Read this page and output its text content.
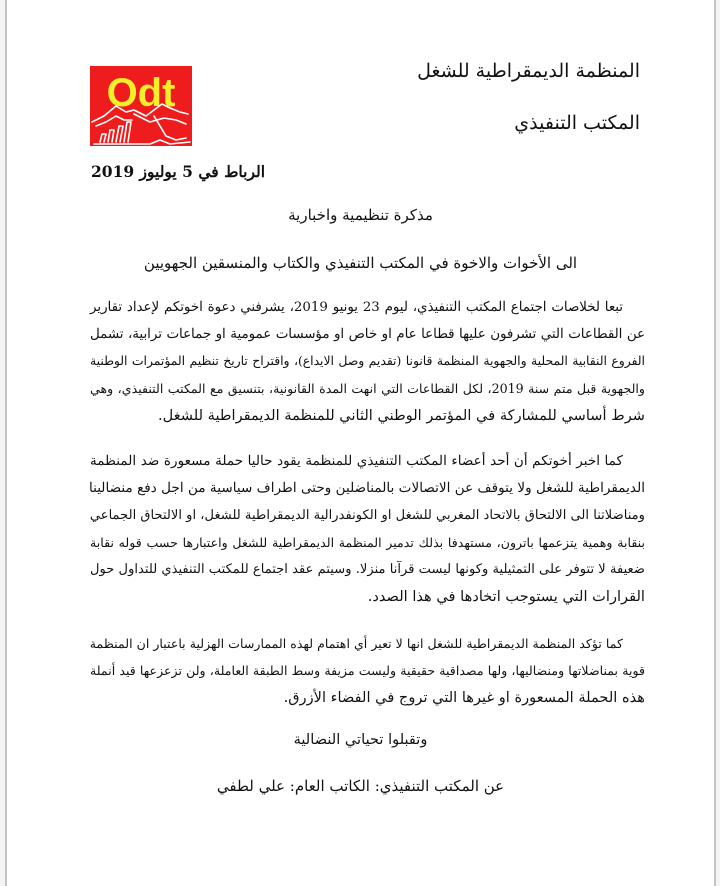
Odt	المنظمة الديمقراطية للشغل
المكتب التنفيذي
الرباط في 5 يوليوز 2019
مذكرة تنظيمية واخبارية
الى الأخوات والاخوة في المكتب التنفيذي والكتاب والمنسقين الجهويين
تبعا لخلاصات اجتماع المكتب التنفيذي، ليوم 23 يونيو 2019، يشرفني دعوة اخوتكم لإعداد تقارير
عن القطاعات التي تشرفون عليها قطاعا عام او خاص او مؤسسات عمومية او جماعات ترابية، تشمل
الفروع النقابية المحلية والجهوية المنظمة قانونا (تقديم وصل الايداع)، واقتراح تاريخ تنظيم المؤتمرات الوطنية
والجهوية قبل متم سنة 2019، لكل القطاعات التي انهت المدة القانونية، بتنسيق مع المكتب التنفيذي، وهي
شرط أساسي للمشاركة في المؤتمر الوطني الثاني للمنظمة الديمقراطية للشغل.
كما اخبر أخوتكم أن أحد أعضاء المكتب التنفيذي للمنظمة يقود حاليا حملة مسعورة ضد المنظمة
الديمقراطية للشغل ولا يتوقف عن الاتصالات بالمناضلين وحتى اطراف سياسية من اجل دفع منضالينا
ومناضلاتنا الى الالتحاق بالاتحاد المغربي للشغل او الكونفدرالية الديمقراطية للشغل، او الالتحاق الجماعي
بنقابة وهمية يتزعمها باترون، مستهدفا بذلك تدمير المنظمة الديمقراطية للشغل واعتبارها حسب قوله نقابة
ضعيفة لا تتوفر على التمثيلية وكونها ليست قرآنا منزلا. وسيتم عقد اجتماع للمكتب التنفيذي للتداول حول
القرارات التي يستوجب اتخادها في هذا الصدد.
كما تؤكد المنظمة الديمقراطية للشغل انها لا تعير أي اهتمام لهذه الممارسات الهزلية باعتبار ان المنظمة
قوية بمناضلاتها ومنضاليها، ولها مصداقية حقيقية وليست مزيفة وسط الطبقة العاملة، ولن تزعزعها قيد أنملة
هذه الحملة المسعورة او غيرها التي تروج في الفضاء الأزرق.
وتقبلوا تحياتي النضالية
عن المكتب التنفيذي: الكاتب العام: علي لطفي
